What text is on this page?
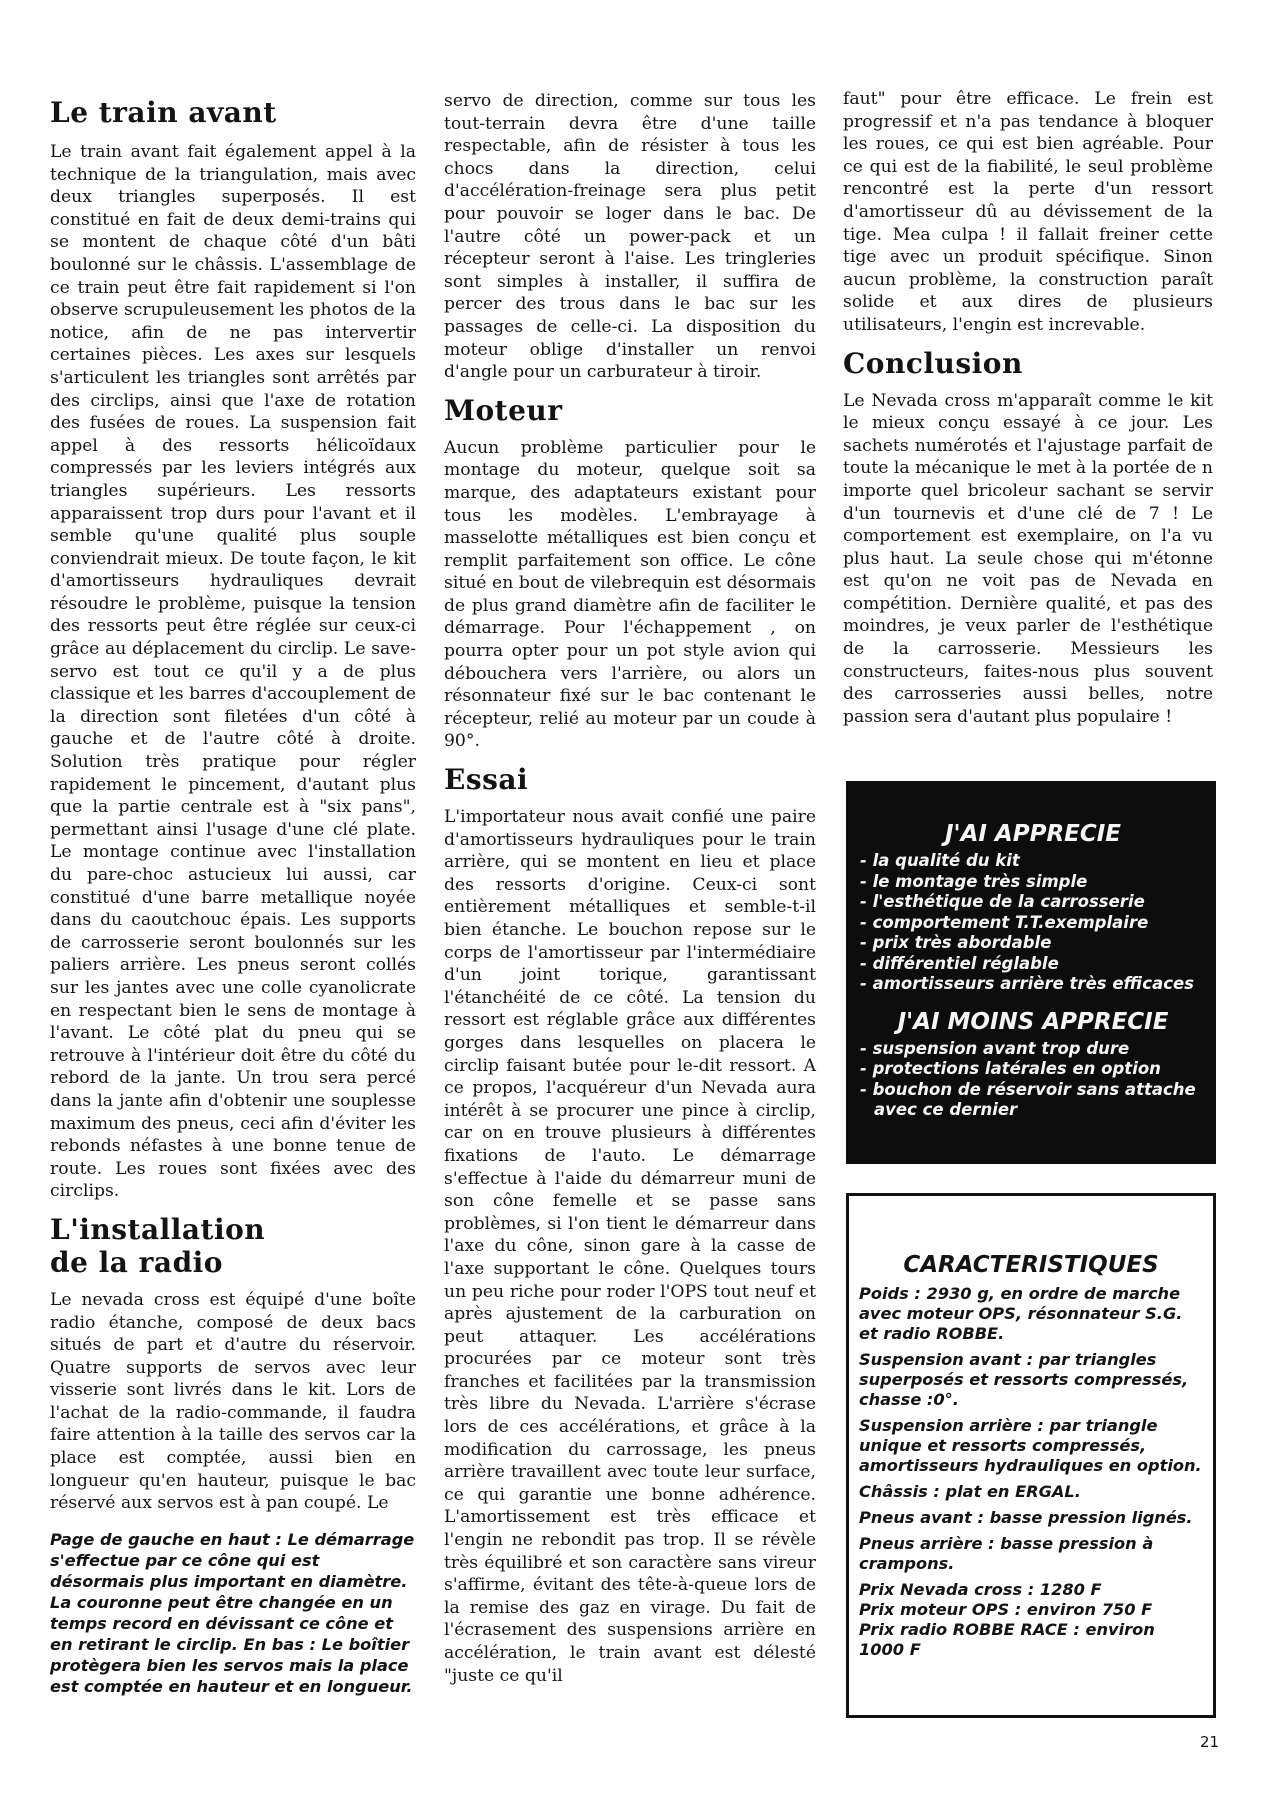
Le train avant

Le train avant fait également appel à la technique de la triangulation, mais avec deux triangles superposés. Il est constitué en fait de deux demi-trains qui se montent de chaque côté d'un bâti boulonné sur le châssis. L'assemblage de ce train peut être fait rapidement si l'on observe scrupuleusement les photos de la notice, afin de ne pas intervertir certaines pièces. Les axes sur lesquels s'articulent les triangles sont arrêtés par des circlips, ainsi que l'axe de rotation des fusées de roues. La suspension fait appel à des ressorts hélicoïdaux compressés par les leviers intégrés aux triangles supérieurs. Les ressorts apparaissent trop durs pour l'avant et il semble qu'une qualité plus souple conviendrait mieux. De toute façon, le kit d'amortisseurs hydrauliques devrait résoudre le problème, puisque la tension des ressorts peut être réglée sur ceux-ci grâce au déplacement du circlip. Le save-servo est tout ce qu'il y a de plus classique et les barres d'accouplement de la direction sont filetées d'un côté à gauche et de l'autre côté à droite. Solution très pratique pour régler rapidement le pincement, d'autant plus que la partie centrale est à "six pans", permettant ainsi l'usage d'une clé plate. Le montage continue avec l'installation du pare-choc astucieux lui aussi, car constitué d'une barre metallique noyée dans du caoutchouc épais. Les supports de carrosserie seront boulonnés sur les paliers arrière. Les pneus seront collés sur les jantes avec une colle cyanolicrate en respectant bien le sens de montage à l'avant. Le côté plat du pneu qui se retrouve à l'intérieur doit être du côté du rebord de la jante. Un trou sera percé dans la jante afin d'obtenir une souplesse maximum des pneus, ceci afin d'éviter les rebonds néfastes à une bonne tenue de route. Les roues sont fixées avec des circlips.

L'installation
de la radio

Le nevada cross est équipé d'une boîte radio étanche, composé de deux bacs situés de part et d'autre du réservoir. Quatre supports de servos avec leur visserie sont livrés dans le kit. Lors de l'achat de la radio-commande, il faudra faire attention à la taille des servos car la place est comptée, aussi bien en longueur qu'en hauteur, puisque le bac réservé aux servos est à pan coupé. Le

Page de gauche en haut : Le démarrage s'effectue par ce cône qui est désormais plus important en diamètre. La couronne peut être changée en un temps record en dévissant ce cône et en retirant le circlip. En bas : Le boîtier protègera bien les servos mais la place est comptée en hauteur et en longueur.

servo de direction, comme sur tous les tout-terrain devra être d'une taille respectable, afin de résister à tous les chocs dans la direction, celui d'accélération-freinage sera plus petit pour pouvoir se loger dans le bac. De l'autre côté un power-pack et un récepteur seront à l'aise. Les tringleries sont simples à installer, il suffira de percer des trous dans le bac sur les passages de celle-ci. La disposition du moteur oblige d'installer un renvoi d'angle pour un carburateur à tiroir.

Moteur

Aucun problème particulier pour le montage du moteur, quelque soit sa marque, des adaptateurs existant pour tous les modèles. L'embrayage à masselotte métalliques est bien conçu et remplit parfaitement son office. Le cône situé en bout de vilebrequin est désormais de plus grand diamètre afin de faciliter le démarrage. Pour l'échappement , on pourra opter pour un pot style avion qui débouchera vers l'arrière, ou alors un résonnateur fixé sur le bac contenant le récepteur, relié au moteur par un coude à 90°.

Essai

L'importateur nous avait confié une paire d'amortisseurs hydrauliques pour le train arrière, qui se montent en lieu et place des ressorts d'origine. Ceux-ci sont entièrement métalliques et semble-t-il bien étanche. Le bouchon repose sur le corps de l'amortisseur par l'intermédiaire d'un joint torique, garantissant l'étanchéité de ce côté. La tension du ressort est réglable grâce aux différentes gorges dans lesquelles on placera le circlip faisant butée pour le-dit ressort. A ce propos, l'acquéreur d'un Nevada aura intérêt à se procurer une pince à circlip, car on en trouve plusieurs à différentes fixations de l'auto. Le démarrage s'effectue à l'aide du démarreur muni de son cône femelle et se passe sans problèmes, si l'on tient le démarreur dans l'axe du cône, sinon gare à la casse de l'axe supportant le cône. Quelques tours un peu riche pour roder l'OPS tout neuf et après ajustement de la carburation on peut attaquer. Les accélérations procurées par ce moteur sont très franches et facilitées par la transmission très libre du Nevada. L'arrière s'écrase lors de ces accélérations, et grâce à la modification du carrossage, les pneus arrière travaillent avec toute leur surface, ce qui garantie une bonne adhérence. L'amortissement est très efficace et l'engin ne rebondit pas trop. Il se révèle très équilibré et son caractère sans vireur s'affirme, évitant des tête-à-queue lors de la remise des gaz en virage. Du fait de l'écrasement des suspensions arrière en accélération, le train avant est délesté "juste ce qu'il

faut" pour être efficace. Le frein est progressif et n'a pas tendance à bloquer les roues, ce qui est bien agréable. Pour ce qui est de la fiabilité, le seul problème rencontré est la perte d'un ressort d'amortisseur dû au dévissement de la tige. Mea culpa ! il fallait freiner cette tige avec un produit spécifique. Sinon aucun problème, la construction paraît solide et aux dires de plusieurs utilisateurs, l'engin est increvable.

Conclusion

Le Nevada cross m'apparaît comme le kit le mieux conçu essayé à ce jour. Les sachets numérotés et l'ajustage parfait de toute la mécanique le met à la portée de n importe quel bricoleur sachant se servir d'un tournevis et d'une clé de 7 ! Le comportement est exemplaire, on l'a vu plus haut. La seule chose qui m'étonne est qu'on ne voit pas de Nevada en compétition. Dernière qualité, et pas des moindres, je veux parler de l'esthétique de la carrosserie. Messieurs les constructeurs, faites-nous plus souvent des carrosseries aussi belles, notre passion sera d'autant plus populaire !

J'AI APPRECIE
- la qualité du kit
- le montage très simple
- l'esthétique de la carrosserie
- comportement T.T.exemplaire
- prix très abordable
- différentiel réglable
- amortisseurs arrière très efficaces
J'AI MOINS APPRECIE
- suspension avant trop dure
- protections latérales en option
- bouchon de réservoir sans attache
avec ce dernier
CARACTERISTIQUES

Poids : 2930 g, en ordre de marche avec moteur OPS, résonnateur S.G. et radio ROBBE.

Suspension avant : par triangles superposés et ressorts compressés, chasse :0°.

Suspension arrière : par triangle unique et ressorts compressés, amortisseurs hydrauliques en option.

Châssis : plat en ERGAL.

Pneus avant : basse pression lignés.

Pneus arrière : basse pression à crampons.

Prix Nevada cross : 1280 F

Prix moteur OPS : environ 750 F

Prix radio ROBBE RACE : environ 1000 F

21
